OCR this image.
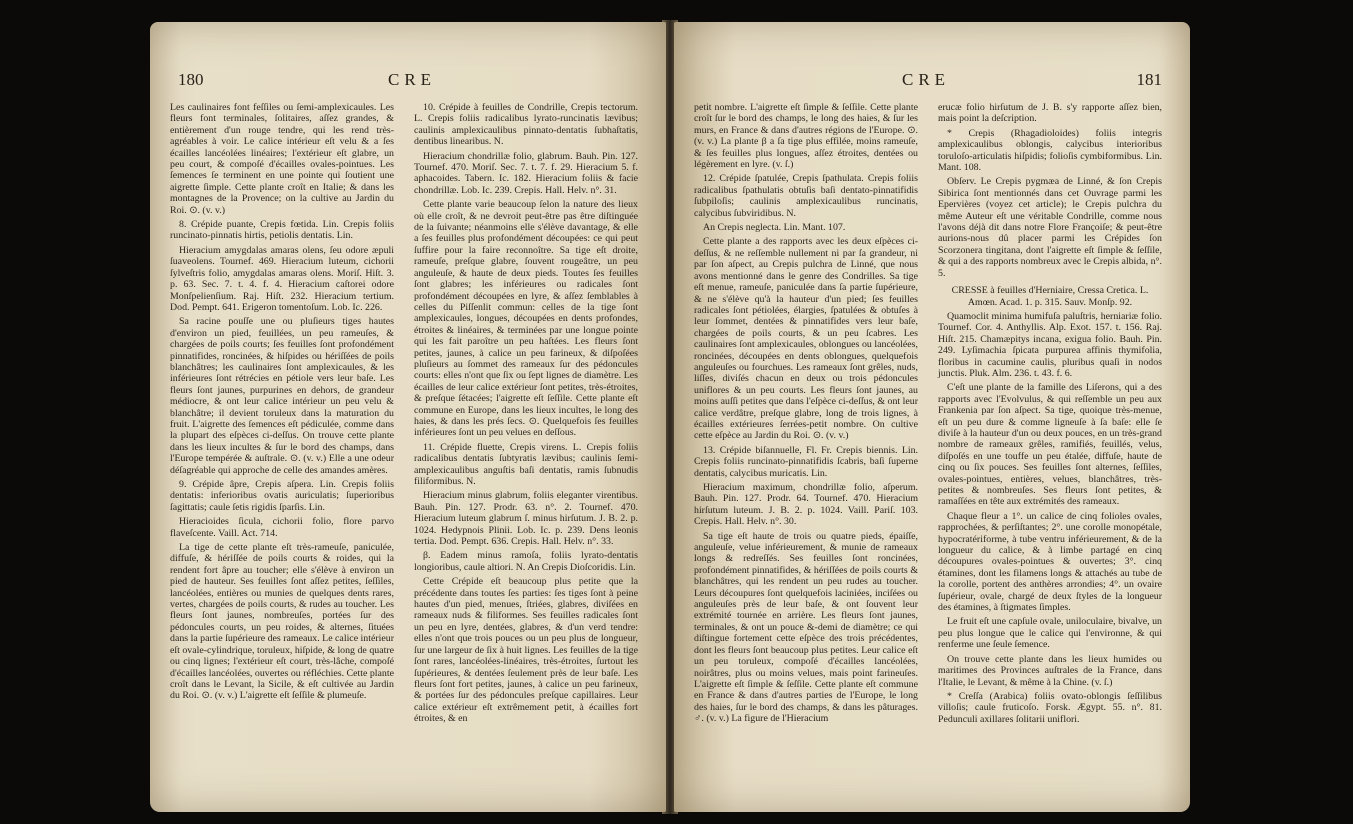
180	CRE

Les caulinaires font feſſiles ou ſemi-amplexicaules. Les fleurs font terminales, ſolitaires, aſſez grandes, & entièrement d'un rouge tendre, qui les rend très-agréables à voir. Le calice intérieur eſt velu & a ſes écailles lancéolées linéaires; l'extérieur eſt glabre, un peu court, & compoſé d'écailles ovales-pointues. Les ſemences ſe terminent en une pointe qui ſoutient une aigrette ſimple. Cette plante croît en Italie; & dans les montagnes de la Provence; on la cultive au Jardin du Roi. ⊙. (v. v.)

8. Crépide puante, Crepis fœtida. Lin. Crepis foliis runcinato-pinnatis hirtis, petiolis dentatis. Lin.

Hieracium amygdalas amaras olens, ſeu odore æpuli ſuaveolens. Tournef. 469. Hieracium luteum, cichorii ſylveſtris folio, amygdalas amaras olens. Moriſ. Hiſt. 3. p. 63. Sec. 7. t. 4. f. 4. Hieracium caſtorei odore Monſpelienſium. Raj. Hiſt. 232. Hieracium tertium. Dod. Pempt. 641. Erigeron tomentoſum. Lob. Ic. 226.

Sa racine pouſſe une ou pluſieurs tiges hautes d'environ un pied, feuillées, un peu rameuſes, & chargées de poils courts; ſes feuilles ſont profondément pinnatifides, roncinées, & hiſpides ou hériſſées de poils blanchâtres; les caulinaires ſont amplexicaules, & les inférieures ſont rétrécies en pétiole vers leur baſe. Les fleurs ſont jaunes, purpurines en dehors, de grandeur médiocre, & ont leur calice intérieur un peu velu & blanchâtre; il devient toruleux dans la maturation du fruit. L'aigrette des ſemences eſt pédiculée, comme dans la plupart des eſpèces ci-deſſus. On trouve cette plante dans les lieux incultes & ſur le bord des champs, dans l'Europe tempérée & auſtrale. ⊙. (v. v.) Elle a une odeur déſagréable qui approche de celle des amandes amères.

9. Crépide âpre, Crepis aſpera. Lin. Crepis foliis dentatis: inferioribus ovatis auriculatis; ſuperioribus ſagittatis; caule ſetis rigidis ſparſis. Lin.

Hieracioides ſicula, cichorii folio, flore parvo flaveſcente. Vaill. Act. 714.

La tige de cette plante eſt très-rameuſe, paniculée, diffuſe, & hériſſée de poils courts & roides, qui la rendent fort âpre au toucher; elle s'élève à environ un pied de hauteur. Ses feuilles ſont aſſez petites, ſeſſiles, lancéolées, entières ou munies de quelques dents rares, vertes, chargées de poils courts, & rudes au toucher. Les fleurs ſont jaunes, nombreuſes, portées ſur des pédoncules courts, un peu roides, & alternes, ſituées dans la partie ſupérieure des rameaux. Le calice intérieur eſt ovale-cylindrique, toruleux, hiſpide, & long de quatre ou cinq lignes; l'extérieur eſt court, très-lâche, compoſé d'écailles lancéolées, ouvertes ou réfléchies. Cette plante croît dans le Levant, la Sicile, & eſt cultivée au Jardin du Roi. ⊙. (v. v.) L'aigrette eſt ſeſſile & plumeuſe.

10. Crépide à feuilles de Condrille, Crepis tectorum. L. Crepis foliis radicalibus lyrato-runcinatis lævibus; caulinis amplexicaulibus pinnato-dentatis ſubhaſtatis, dentibus linearibus. N.

Hieracium chondrillæ folio, glabrum. Bauh. Pin. 127. Tournef. 470. Moriſ. Sec. 7. t. 7. f. 29. Hieracium 5. f. aphacoides. Tabern. Ic. 182. Hieracium foliis & facie chondrillæ. Lob. Ic. 239. Crepis. Hall. Helv. n°. 31.

Cette plante varie beaucoup ſelon la nature des lieux où elle croît, & ne devroit peut-être pas être diſtinguée de la ſuivante; néanmoins elle s'élève davantage, & elle a ſes feuilles plus profondément découpées: ce qui peut ſuffire pour la faire reconnoître. Sa tige eſt droite, rameuſe, preſque glabre, ſouvent rougeâtre, un peu anguleuſe, & haute de deux pieds. Toutes ſes feuilles ſont glabres; les inférieures ou radicales ſont profondément découpées en lyre, & aſſez ſemblables à celles du Piſſenlit commun: celles de la tige ſont amplexicaules, longues, découpées en dents profondes, étroites & linéaires, & terminées par une longue pointe qui les fait paroître un peu haſtées. Les fleurs ſont petites, jaunes, à calice un peu farineux, & diſpoſées pluſieurs au ſommet des rameaux ſur des pédoncules courts: elles n'ont que ſix ou ſept lignes de diamètre. Les écailles de leur calice extérieur ſont petites, très-étroites, & preſque ſétacées; l'aigrette eſt ſeſſile. Cette plante eſt commune en Europe, dans les lieux incultes, le long des haies, & dans les prés ſecs. ⊙. Quelquefois ſes feuilles inférieures ſont un peu velues en deſſous.

11. Crépide fluette, Crepis virens. L. Crepis foliis radicalibus dentatis ſubtyratis lævibus; caulinis ſemi-amplexicaulibus anguſtis baſi dentatis, ramis ſubnudis filiformibus. N.

Hieracium minus glabrum, foliis eleganter virentibus. Bauh. Pin. 127. Prodr. 63. n°. 2. Tournef. 470. Hieracium luteum glabrum ſ. minus hirſutum. J. B. 2. p. 1024. Hedypnois Plinii. Lob. Ic. p. 239. Dens leonis tertia. Dod. Pempt. 636. Crepis. Hall. Helv. n°. 33.

β. Eadem minus ramoſa, foliis lyrato-dentatis longioribus, caule altiori. N. An Crepis Dioſcoridis. Lin.

Cette Crépide eſt beaucoup plus petite que la précédente dans toutes ſes parties: ſes tiges ſont à peine hautes d'un pied, menues, ſtriées, glabres, diviſées en rameaux nuds & filiformes. Ses feuilles radicales ſont un peu en lyre, dentées, glabres, & d'un verd tendre: elles n'ont que trois pouces ou un peu plus de longueur, ſur une largeur de ſix à huit lignes. Les feuilles de la tige ſont rares, lancéolées-linéaires, très-étroites, ſurtout les ſupérieures, & dentées ſeulement près de leur baſe. Les fleurs ſont fort petites, jaunes, à calice un peu farineux, & portées ſur des pédoncules preſque capillaires. Leur calice extérieur eſt extrêmement petit, à écailles fort étroites, & en

CRE	181

petit nombre. L'aigrette eſt ſimple & ſeſſile. Cette plante croît ſur le bord des champs, le long des haies, & ſur les murs, en France & dans d'autres régions de l'Europe. ⊙. (v. v.) La plante β a ſa tige plus effilée, moins rameuſe, & ſes feuilles plus longues, aſſez étroites, dentées ou légèrement en lyre. (v. ſ.)

12. Crépide ſpatulée, Crepis ſpathulata. Crepis foliis radicalibus ſpathulatis obtuſis baſi dentato-pinnatifidis ſubpiloſis; caulinis amplexicaulibus runcinatis, calycibus ſubviridibus. N.

An Crepis neglecta. Lin. Mant. 107.

Cette plante a des rapports avec les deux eſpèces ci-deſſus, & ne reſſemble nullement ni par ſa grandeur, ni par ſon aſpect, au Crepis pulchra de Linné, que nous avons mentionné dans le genre des Condrilles. Sa tige eſt menue, rameuſe, paniculée dans ſa partie ſupérieure, & ne s'élève qu'à la hauteur d'un pied; ſes feuilles radicales ſont pétiolées, élargies, ſpatulées & obtuſes à leur ſommet, dentées & pinnatifides vers leur baſe, chargées de poils courts, & un peu ſcabres. Les caulinaires ſont amplexicaules, oblongues ou lancéolées, roncinées, découpées en dents oblongues, quelquefois anguleuſes ou fourchues. Les rameaux ſont grêles, nuds, liſſes, diviſés chacun en deux ou trois pédoncules uniflores & un peu courts. Les fleurs ſont jaunes, au moins auſſi petites que dans l'eſpèce ci-deſſus, & ont leur calice verdâtre, preſque glabre, long de trois lignes, à écailles extérieures ſerrées-petit nombre. On cultive cette eſpèce au Jardin du Roi. ⊙. (v. v.)

13. Crépide biſannuelle, Fl. Fr. Crepis biennis. Lin. Crepis foliis runcinato-pinnatifidis ſcabris, baſi ſuperne dentatis, calycibus muricatis. Lin.

Hieracium maximum, chondrillæ folio, aſperum. Bauh. Pin. 127. Prodr. 64. Tournef. 470. Hieracium hirſutum luteum. J. B. 2. p. 1024. Vaill. Pariſ. 103. Crepis. Hall. Helv. n°. 30.

Sa tige eſt haute de trois ou quatre pieds, épaiſſe, anguleuſe, velue inférieurement, & munie de rameaux longs & redreſſés. Ses feuilles ſont roncinées, profondément pinnatifides, & hériſſées de poils courts & blanchâtres, qui les rendent un peu rudes au toucher. Leurs découpures ſont quelquefois laciniées, inciſées ou anguleuſes près de leur baſe, & ont ſouvent leur extrémité tournée en arrière. Les fleurs ſont jaunes, terminales, & ont un pouce &-demi de diamètre; ce qui diſtingue fortement cette eſpèce des trois précédentes, dont les fleurs ſont beaucoup plus petites. Leur calice eſt un peu toruleux, compoſé d'écailles lancéolées, noirâtres, plus ou moins velues, mais point farineuſes. L'aigrette eſt ſimple & ſeſſile. Cette plante eſt commune en France & dans d'autres parties de l'Europe, le long des haies, ſur le bord des champs, & dans les pâturages. ♂. (v. v.) La figure de l'Hieracium

erucæ folio hirſutum de J. B. s'y rapporte aſſez bien, mais point la deſcription.

* Crepis (Rhagadioloides) foliis integris amplexicaulibus oblongis, calycibus interioribus toruloſo-articulatis hiſpidis; folioſis cymbiformibus. Lin. Mant. 108.

Obſerv. Le Crepis pygmæa de Linné, & ſon Crepis Sibirica ſont mentionnés dans cet Ouvrage parmi les Epervières (voyez cet article); le Crepis pulchra du même Auteur eſt une véritable Condrille, comme nous l'avons déjà dit dans notre Flore Françoiſe; & peut-être aurions-nous dû placer parmi les Crépides ſon Scorzonera tingitana, dont l'aigrette eſt ſimple & ſeſſile, & qui a des rapports nombreux avec le Crepis albida, n°. 5.

CRESSE à feuilles d'Herniaire, Cressa Cretica. L. Amœn. Acad. 1. p. 315. Sauv. Monſp. 92.

Quamoclit minima humifuſa paluſtris, herniariæ folio. Tournef. Cor. 4. Anthyllis. Alp. Exot. 157. t. 156. Raj. Hiſt. 215. Chamæpitys incana, exigua folio. Bauh. Pin. 249. Lyſimachia ſpicata purpurea affinis thymifolia, floribus in cacumine caulis, pluribus quaſi in nodos junctis. Pluk. Alm. 236. t. 43. f. 6.

C'eſt une plante de la famille des Liſerons, qui a des rapports avec l'Evolvulus, & qui reſſemble un peu aux Frankenia par ſon aſpect. Sa tige, quoique très-menue, eſt un peu dure & comme ligneuſe à ſa baſe: elle ſe diviſe à la hauteur d'un ou deux pouces, en un très-grand nombre de rameaux grêles, ramifiés, feuillés, velus, diſpoſés en une touffe un peu étalée, diffuſe, haute de cinq ou ſix pouces. Ses feuilles ſont alternes, ſeſſiles, ovales-pointues, entières, velues, blanchâtres, très-petites & nombreuſes. Ses fleurs ſont petites, & ramaſſées en tête aux extrémités des rameaux.

Chaque fleur a 1°. un calice de cinq folioles ovales, rapprochées, & perſiſtantes; 2°. une corolle monopétale, hypocratériforme, à tube ventru inférieurement, & de la longueur du calice, & à limbe partagé en cinq découpures ovales-pointues & ouvertes; 3°. cinq étamines, dont les filamens longs & attachés au tube de la corolle, portent des anthères arrondies; 4°. un ovaire ſupérieur, ovale, chargé de deux ſtyles de la longueur des étamines, à ſtigmates ſimples.

Le fruit eſt une capſule ovale, uniloculaire, bivalve, un peu plus longue que le calice qui l'environne, & qui renferme une ſeule ſemence.

On trouve cette plante dans les lieux humides ou maritimes des Provinces auſtrales de la France, dans l'Italie, le Levant, & même à la Chine. (v. ſ.)

* Creſſa (Arabica) foliis ovato-oblongis ſeſſilibus villoſis; caule fruticoſo. Forsk. Ægypt. 55. n°. 81. Pedunculi axillares ſolitarii uniflori.
